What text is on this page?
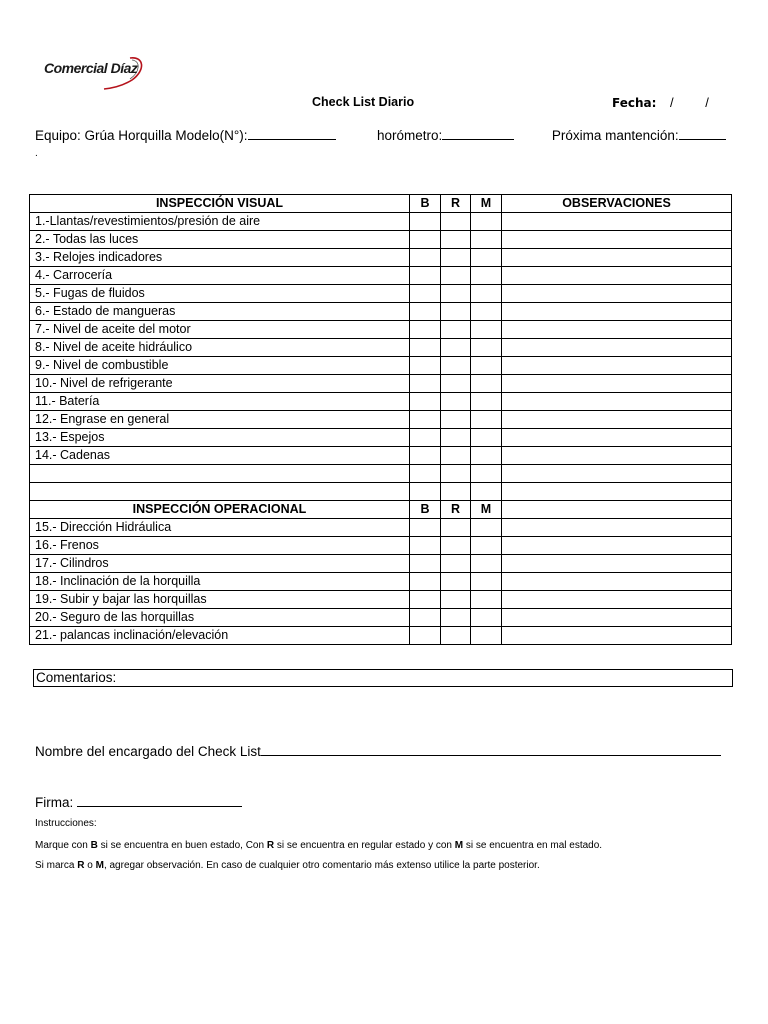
Comercial Díaz
Check List Diario	Fecha: / /
Equipo: Grúa Horquilla Modelo(N°):	horómetro:	Próxima mantención:
.
INSPECCIÓN VISUAL	B	R	M	OBSERVACIONES
1.-Llantas/revestimientos/presión de aire				
2.- Todas las luces				
3.- Relojes indicadores				
4.- Carrocería				
5.- Fugas de fluidos				
6.- Estado de mangueras				
7.- Nivel de aceite del motor				
8.- Nivel de aceite hidráulico				
9.- Nivel de combustible				
10.- Nivel de refrigerante				
11.- Batería				
12.- Engrase en general				
13.- Espejos				
14.- Cadenas				

INSPECCIÓN OPERACIONAL	B	R	M	
15.- Dirección Hidráulica				
16.- Frenos				
17.- Cilindros				
18.- Inclinación de la horquilla				
19.- Subir y bajar las horquillas				
20.- Seguro de las horquillas				
21.- palancas inclinación/elevación				
Comentarios:
Nombre del encargado del Check List
Firma:
Instrucciones:
Marque con B si se encuentra en buen estado, Con R si se encuentra en regular estado y con M si se encuentra en mal estado.
Si marca R o M, agregar observación. En caso de cualquier otro comentario más extenso utilice la parte posterior.
